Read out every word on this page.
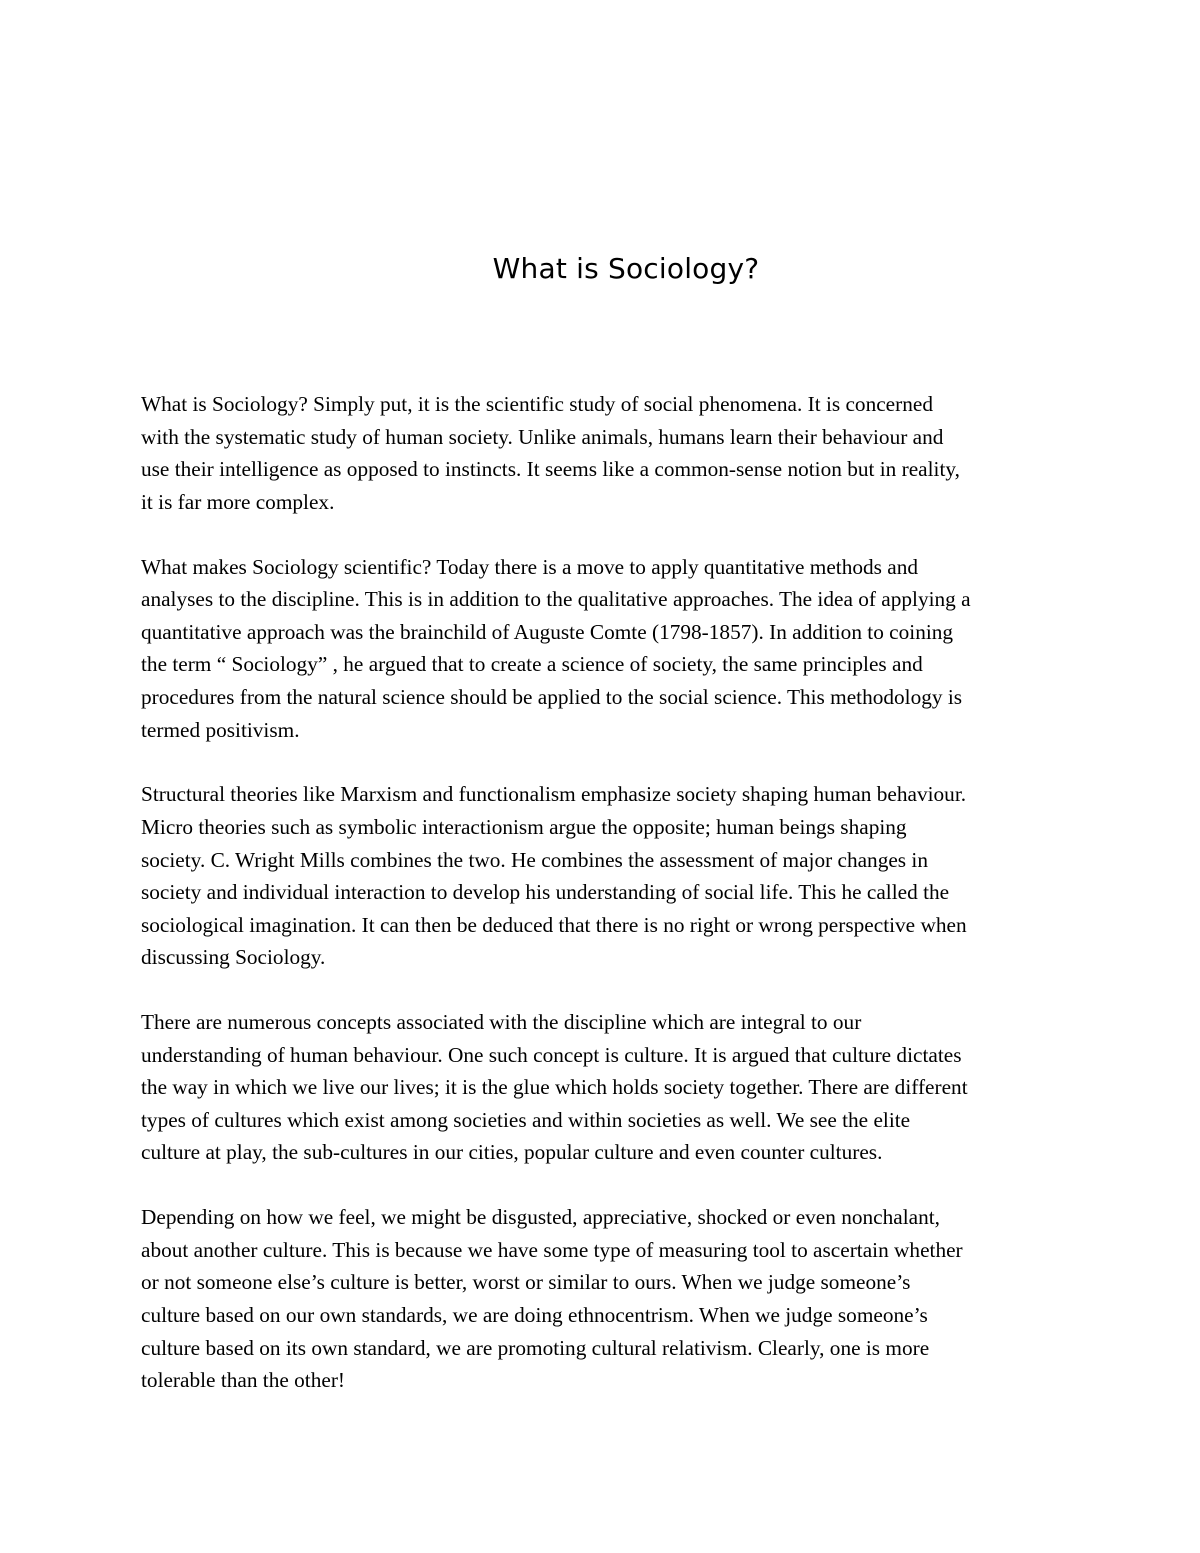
What is Sociology?

What is Sociology? Simply put, it is the scientific study of social phenomena. It is concerned
with the systematic study of human society. Unlike animals, humans learn their behaviour and
use their intelligence as opposed to instincts. It seems like a common-sense notion but in reality,
it is far more complex.

What makes Sociology scientific? Today there is a move to apply quantitative methods and
analyses to the discipline. This is in addition to the qualitative approaches. The idea of applying a
quantitative approach was the brainchild of Auguste Comte (1798-1857). In addition to coining
the term “ Sociology” , he argued that to create a science of society, the same principles and
procedures from the natural science should be applied to the social science. This methodology is
termed positivism.

Structural theories like Marxism and functionalism emphasize society shaping human behaviour.
Micro theories such as symbolic interactionism argue the opposite; human beings shaping
society. C. Wright Mills combines the two. He combines the assessment of major changes in
society and individual interaction to develop his understanding of social life. This he called the
sociological imagination. It can then be deduced that there is no right or wrong perspective when
discussing Sociology.

There are numerous concepts associated with the discipline which are integral to our
understanding of human behaviour. One such concept is culture. It is argued that culture dictates
the way in which we live our lives; it is the glue which holds society together. There are different
types of cultures which exist among societies and within societies as well. We see the elite
culture at play, the sub-cultures in our cities, popular culture and even counter cultures.

Depending on how we feel, we might be disgusted, appreciative, shocked or even nonchalant,
about another culture. This is because we have some type of measuring tool to ascertain whether
or not someone else’s culture is better, worst or similar to ours. When we judge someone’s
culture based on our own standards, we are doing ethnocentrism. When we judge someone’s
culture based on its own standard, we are promoting cultural relativism. Clearly, one is more
tolerable than the other!
